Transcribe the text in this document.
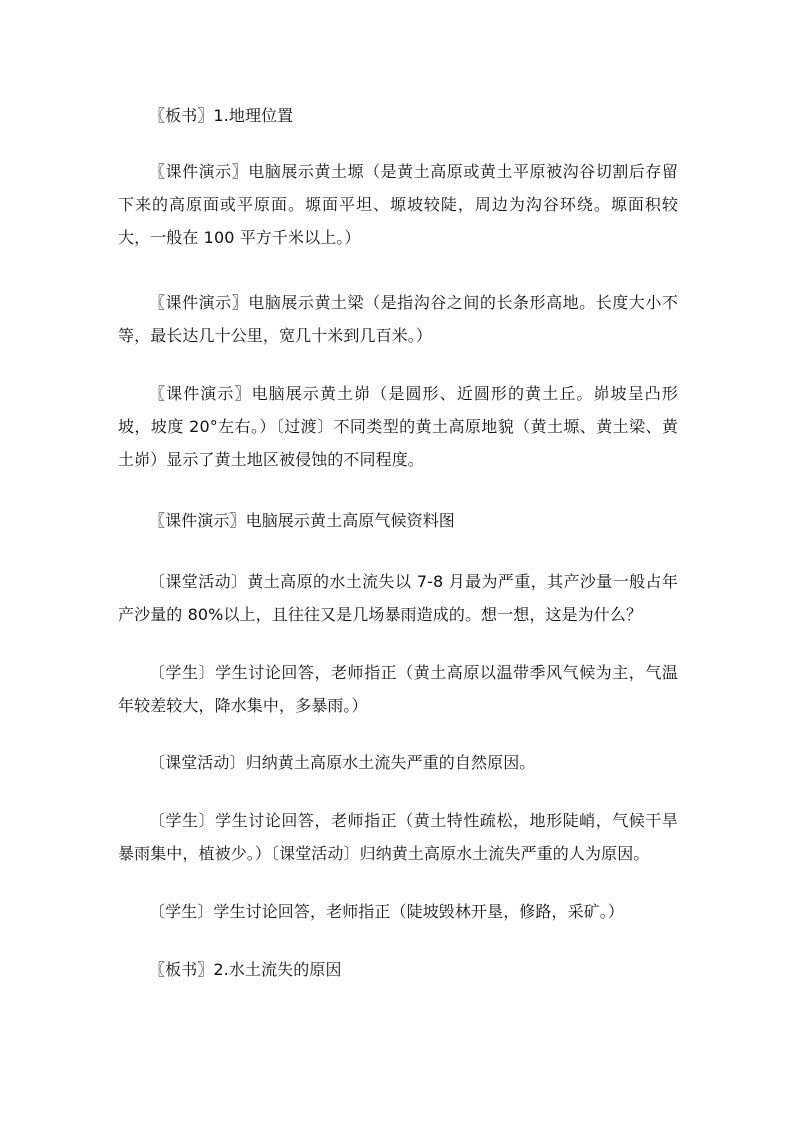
〖板书〗1.地理位置

〖课件演示〗电脑展示黄土塬（是黄土高原或黄土平原被沟谷切割后存留下来的高原面或平原面。塬面平坦、塬坡较陡，周边为沟谷环绕。塬面积较大，一般在 100 平方千米以上。）

〖课件演示〗电脑展示黄土梁（是指沟谷之间的长条形高地。长度大小不等，最长达几十公里，宽几十米到几百米。）

〖课件演示〗电脑展示黄土峁（是圆形、近圆形的黄土丘。峁坡呈凸形坡，坡度 20°左右。）〔过渡〕不同类型的黄土高原地貌（黄土塬、黄土梁、黄土峁）显示了黄土地区被侵蚀的不同程度。

〖课件演示〗电脑展示黄土高原气候资料图

〔课堂活动〕黄土高原的水土流失以 7-8 月最为严重，其产沙量一般占年产沙量的 80%以上，且往往又是几场暴雨造成的。想一想，这是为什么？

〔学生〕学生讨论回答，老师指正（黄土高原以温带季风气候为主，气温年较差较大，降水集中，多暴雨。）

〔课堂活动〕归纳黄土高原水土流失严重的自然原因。

〔学生〕学生讨论回答，老师指正（黄土特性疏松，地形陡峭，气候干旱暴雨集中，植被少。）〔课堂活动〕归纳黄土高原水土流失严重的人为原因。

〔学生〕学生讨论回答，老师指正（陡坡毁林开垦，修路，采矿。）

〖板书〗2.水土流失的原因
